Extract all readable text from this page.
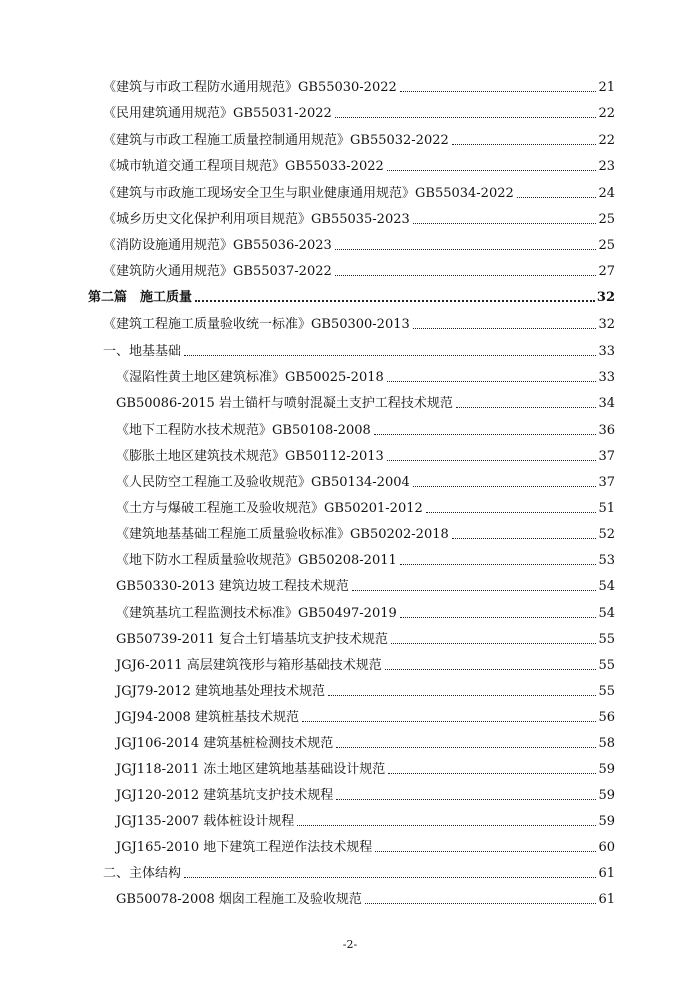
《建筑与市政工程防水通用规范》GB55030-2022	21
《民用建筑通用规范》GB55031-2022	22
《建筑与市政工程施工质量控制通用规范》GB55032-2022	22
《城市轨道交通工程项目规范》GB55033-2022	23
《建筑与市政施工现场安全卫生与职业健康通用规范》GB55034-2022	24
《城乡历史文化保护利用项目规范》GB55035-2023	25
《消防设施通用规范》GB55036-2023	25
《建筑防火通用规范》GB55037-2022	27
第二篇　施工质量	32
《建筑工程施工质量验收统一标准》GB50300-2013	32
一、地基基础	33
《湿陷性黄土地区建筑标准》GB50025-2018	33
GB50086-2015 岩土锚杆与喷射混凝土支护工程技术规范	34
《地下工程防水技术规范》GB50108-2008	36
《膨胀土地区建筑技术规范》GB50112-2013	37
《人民防空工程施工及验收规范》GB50134-2004	37
《土方与爆破工程施工及验收规范》GB50201-2012	51
《建筑地基基础工程施工质量验收标准》GB50202-2018	52
《地下防水工程质量验收规范》GB50208-2011	53
GB50330-2013 建筑边坡工程技术规范	54
《建筑基坑工程监测技术标准》GB50497-2019	54
GB50739-2011 复合土钉墙基坑支护技术规范	55
JGJ6-2011 高层建筑筏形与箱形基础技术规范	55
JGJ79-2012 建筑地基处理技术规范	55
JGJ94-2008 建筑桩基技术规范	56
JGJ106-2014 建筑基桩检测技术规范	58
JGJ118-2011 冻土地区建筑地基基础设计规范	59
JGJ120-2012 建筑基坑支护技术规程	59
JGJ135-2007 载体桩设计规程	59
JGJ165-2010 地下建筑工程逆作法技术规程	60
二、主体结构	61
GB50078-2008 烟囱工程施工及验收规范	61
-2-
